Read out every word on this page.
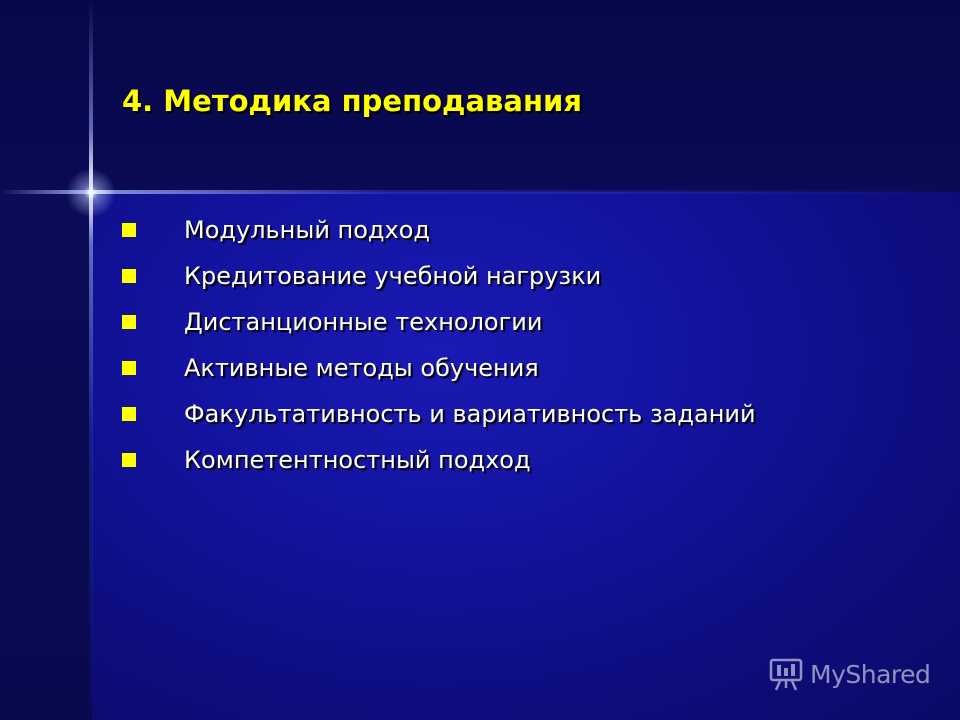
4. Методика преподавания
Модульный подход
Кредитование учебной нагрузки
Дистанционные технологии
Активные методы обучения
Факультативность и вариативность заданий
Компетентностный подход
MyShared
